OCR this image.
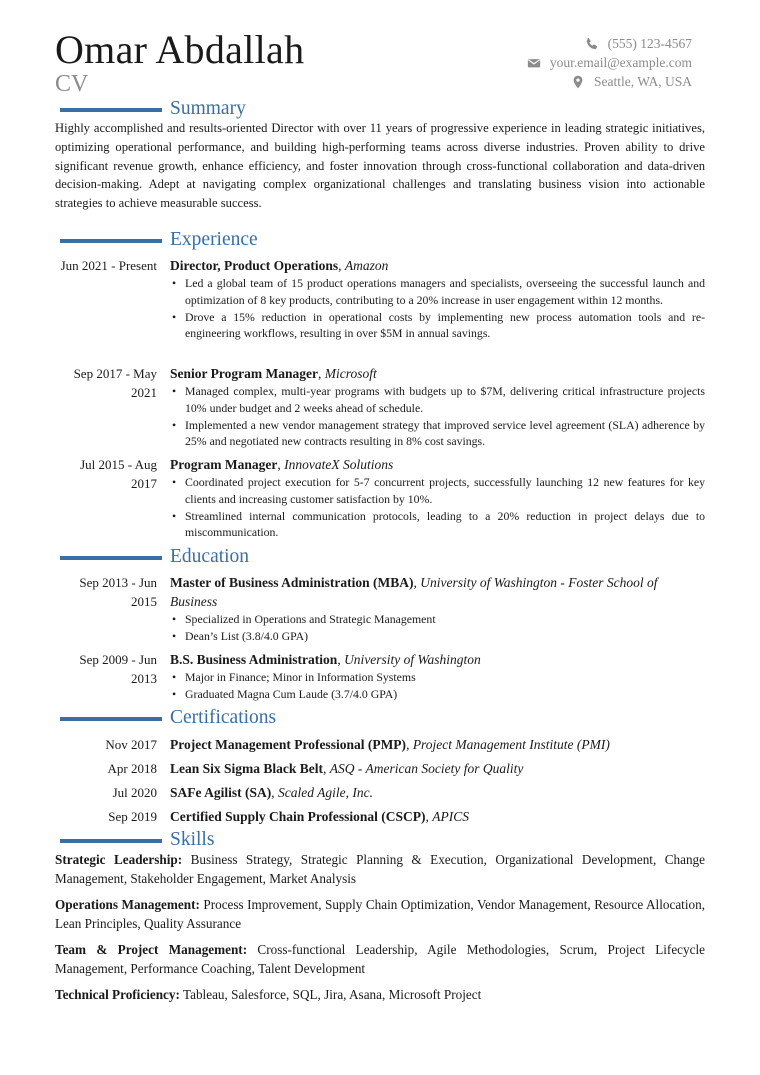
Omar Abdallah
CV
(555) 123-4567
your.email@example.com
Seattle, WA, USA
Summary
Highly accomplished and results-oriented Director with over 11 years of progressive experience in leading strategic initiatives, optimizing operational performance, and building high-performing teams across diverse industries. Proven ability to drive significant revenue growth, enhance efficiency, and foster innovation through cross-functional collaboration and data-driven decision-making. Adept at navigating complex organizational challenges and translating business vision into actionable strategies to achieve measurable success.
Experience
Jun 2021 - Present Director, Product Operations, Amazon
• Led a global team of 15 product operations managers and specialists, overseeing the successful launch and optimization of 8 key products, contributing to a 20% increase in user engagement within 12 months.
• Drove a 15% reduction in operational costs by implementing new process automation tools and re-engineering workflows, resulting in over $5M in annual savings.
Sep 2017 - May 2021
Senior Program Manager, Microsoft
• Managed complex, multi-year programs with budgets up to $7M, delivering critical infrastructure projects 10% under budget and 2 weeks ahead of schedule.
• Implemented a new vendor management strategy that improved service level agreement (SLA) adherence by 25% and negotiated new contracts resulting in 8% cost savings.
Jul 2015 - Aug 2017
Program Manager, InnovateX Solutions
• Coordinated project execution for 5-7 concurrent projects, successfully launching 12 new features for key clients and increasing customer satisfaction by 10%.
• Streamlined internal communication protocols, leading to a 20% reduction in project delays due to miscommunication.
Education
Sep 2013 - Jun 2015
Master of Business Administration (MBA), University of Washington - Foster School of Business
• Specialized in Operations and Strategic Management
• Dean’s List (3.8/4.0 GPA)
Sep 2009 - Jun 2013
B.S. Business Administration, University of Washington
• Major in Finance; Minor in Information Systems
• Graduated Magna Cum Laude (3.7/4.0 GPA)
Certifications
Nov 2017 Project Management Professional (PMP), Project Management Institute (PMI)
Apr 2018 Lean Six Sigma Black Belt, ASQ - American Society for Quality
Jul 2020 SAFe Agilist (SA), Scaled Agile, Inc.
Sep 2019 Certified Supply Chain Professional (CSCP), APICS
Skills
Strategic Leadership: Business Strategy, Strategic Planning & Execution, Organizational Development, Change Management, Stakeholder Engagement, Market Analysis
Operations Management: Process Improvement, Supply Chain Optimization, Vendor Management, Resource Allocation, Lean Principles, Quality Assurance
Team & Project Management: Cross-functional Leadership, Agile Methodologies, Scrum, Project Lifecycle Management, Performance Coaching, Talent Development
Technical Proficiency: Tableau, Salesforce, SQL, Jira, Asana, Microsoft Project
